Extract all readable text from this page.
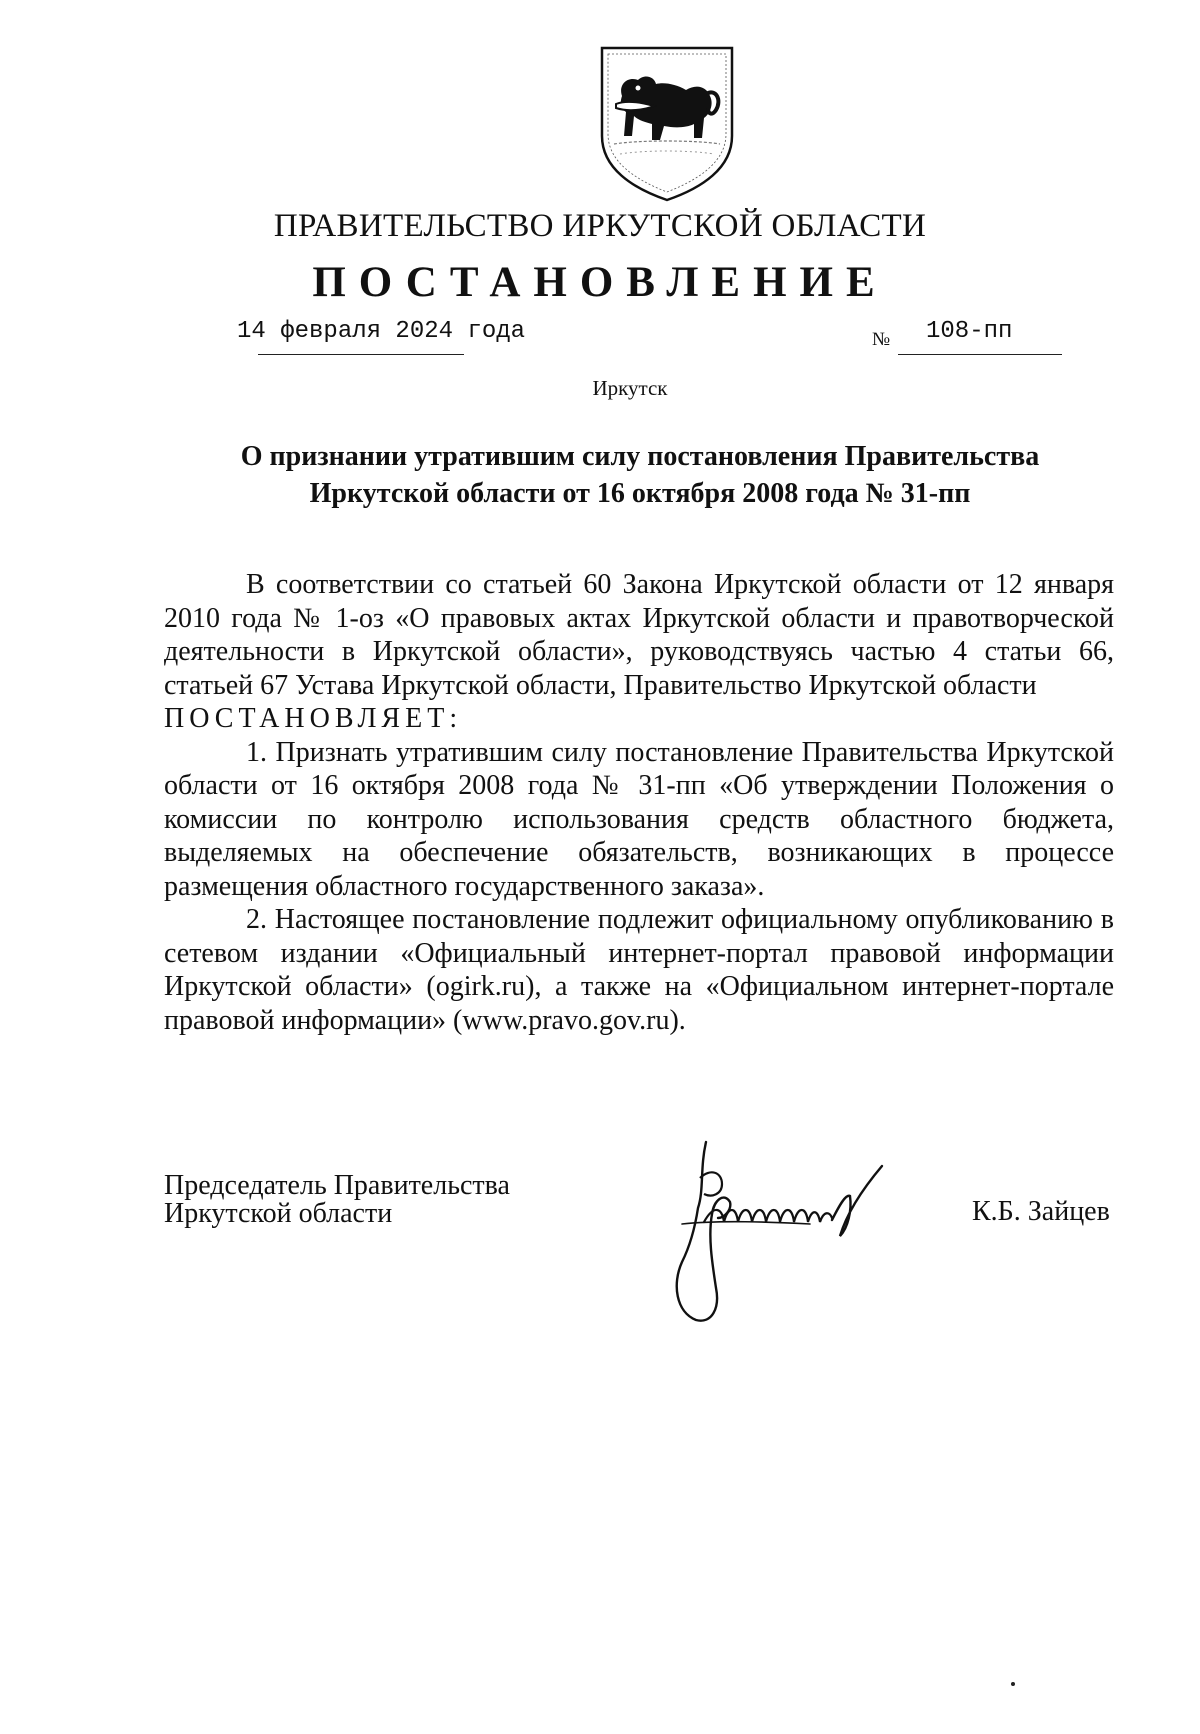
ПРАВИТЕЛЬСТВО ИРКУТСКОЙ ОБЛАСТИ
ПОСТАНОВЛЕНИЕ
14 февраля 2024 года	№ 108-пп
Иркутск
О признании утратившим силу постановления Правительства
Иркутской области от 16 октября 2008 года № 31-пп

В соответствии со статьей 60 Закона Иркутской области от 12 января 2010 года № 1-оз «О правовых актах Иркутской области и правотворческой деятельности в Иркутской области», руководствуясь частью 4 статьи 66, статьей 67 Устава Иркутской области, Правительство Иркутской области

ПОСТАНОВЛЯЕТ:

1. Признать утратившим силу постановление Правительства Иркутской области от 16 октября 2008 года № 31-пп «Об утверждении Положения о комиссии по контролю использования средств областного бюджета, выделяемых на обеспечение обязательств, возникающих в процессе размещения областного государственного заказа».

2. Настоящее постановление подлежит официальному опубликованию в сетевом издании «Официальный интернет-портал правовой информации Иркутской области» (ogirk.ru), а также на «Официальном интернет-портале правовой информации» (www.pravo.gov.ru).

Председатель Правительства
Иркутской области	К.Б. Зайцев
